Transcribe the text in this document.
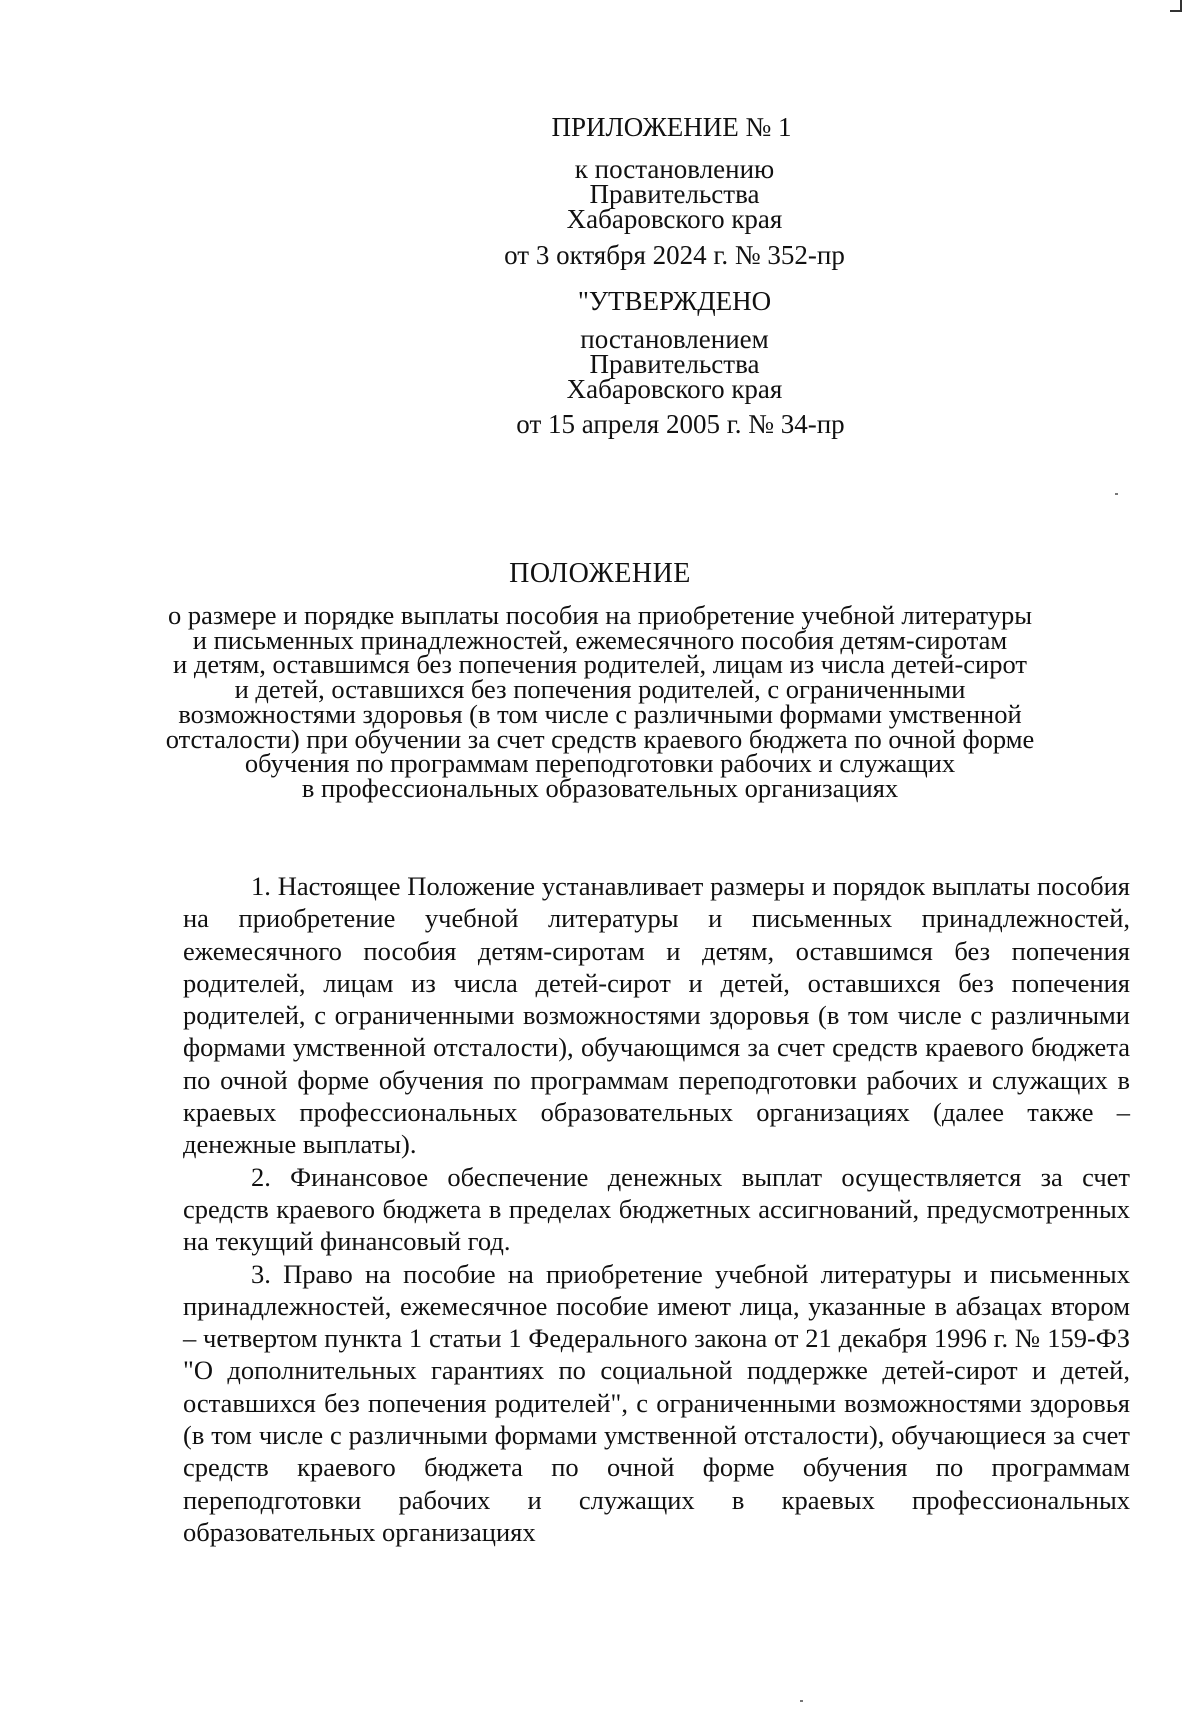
ПРИЛОЖЕНИЕ № 1
к постановлению
Правительства
Хабаровского края
от 3 октября 2024 г. № 352-пр
"УТВЕРЖДЕНО
постановлением
Правительства
Хабаровского края
от 15 апреля 2005 г. № 34-пр
ПОЛОЖЕНИЕ
о размере и порядке выплаты пособия на приобретение учебной литературы
и письменных принадлежностей, ежемесячного пособия детям-сиротам
и детям, оставшимся без попечения родителей, лицам из числа детей-сирот
и детей, оставшихся без попечения родителей, с ограниченными
возможностями здоровья (в том числе с различными формами умственной
отсталости) при обучении за счет средств краевого бюджета по очной форме
обучения по программам переподготовки рабочих и служащих
в профессиональных образовательных организациях

1. Настоящее Положение устанавливает размеры и порядок выплаты пособия на приобретение учебной литературы и письменных принадлежностей, ежемесячного пособия детям-сиротам и детям, оставшимся без попечения родителей, лицам из числа детей-сирот и детей, оставшихся без попечения родителей, с ограниченными возможностями здоровья (в том числе с различными формами умственной отсталости), обучающимся за счет средств краевого бюджета по очной форме обучения по программам переподготовки рабочих и служащих в краевых профессиональных образовательных организациях (далее также – денежные выплаты).

2. Финансовое обеспечение денежных выплат осуществляется за счет средств краевого бюджета в пределах бюджетных ассигнований, предусмотренных на текущий финансовый год.

3. Право на пособие на приобретение учебной литературы и письменных принадлежностей, ежемесячное пособие имеют лица, указанные в абзацах втором – четвертом пункта 1 статьи 1 Федерального закона от 21 декабря 1996 г. № 159-ФЗ "О дополнительных гарантиях по социальной поддержке детей-сирот и детей, оставшихся без попечения родителей", с ограниченными возможностями здоровья (в том числе с различными формами умственной отсталости), обучающиеся за счет средств краевого бюджета по очной форме обучения по программам переподготовки рабочих и служащих в краевых профессиональных образовательных организациях
